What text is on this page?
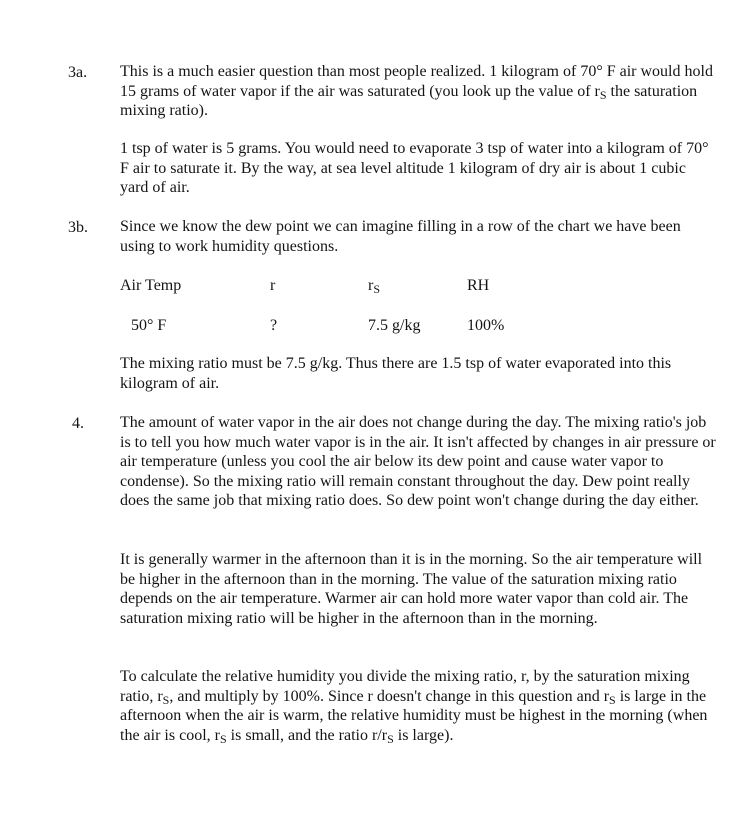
3a. This is a much easier question than most people realized. 1 kilogram of 70° F air would hold 15 grams of water vapor if the air was saturated (you look up the value of $r_S$ the saturation mixing ratio).

1 tsp of water is 5 grams. You would need to evaporate 3 tsp of water into a kilogram of 70° F air to saturate it. By the way, at sea level altitude 1 kilogram of dry air is about 1 cubic yard of air.

3b. Since we know the dew point we can imagine filling in a row of the chart we have been using to work humidity questions.

Air Temp	r	$r_S$	RH
50° F	?	7.5 g/kg	100%

The mixing ratio must be 7.5 g/kg. Thus there are 1.5 tsp of water evaporated into this kilogram of air.

4. The amount of water vapor in the air does not change during the day. The mixing ratio's job is to tell you how much water vapor is in the air. It isn't affected by changes in air pressure or air temperature (unless you cool the air below its dew point and cause water vapor to condense). So the mixing ratio will remain constant throughout the day. Dew point really does the same job that mixing ratio does. So dew point won't change during the day either.

It is generally warmer in the afternoon than it is in the morning. So the air temperature will be higher in the afternoon than in the morning. The value of the saturation mixing ratio depends on the air temperature. Warmer air can hold more water vapor than cold air. The saturation mixing ratio will be higher in the afternoon than in the morning.

To calculate the relative humidity you divide the mixing ratio, r, by the saturation mixing ratio, $r_S$, and multiply by 100%. Since r doesn't change in this question and $r_S$ is large in the afternoon when the air is warm, the relative humidity must be highest in the morning (when the air is cool, $r_S$ is small, and the ratio $r/r_S$ is large).
